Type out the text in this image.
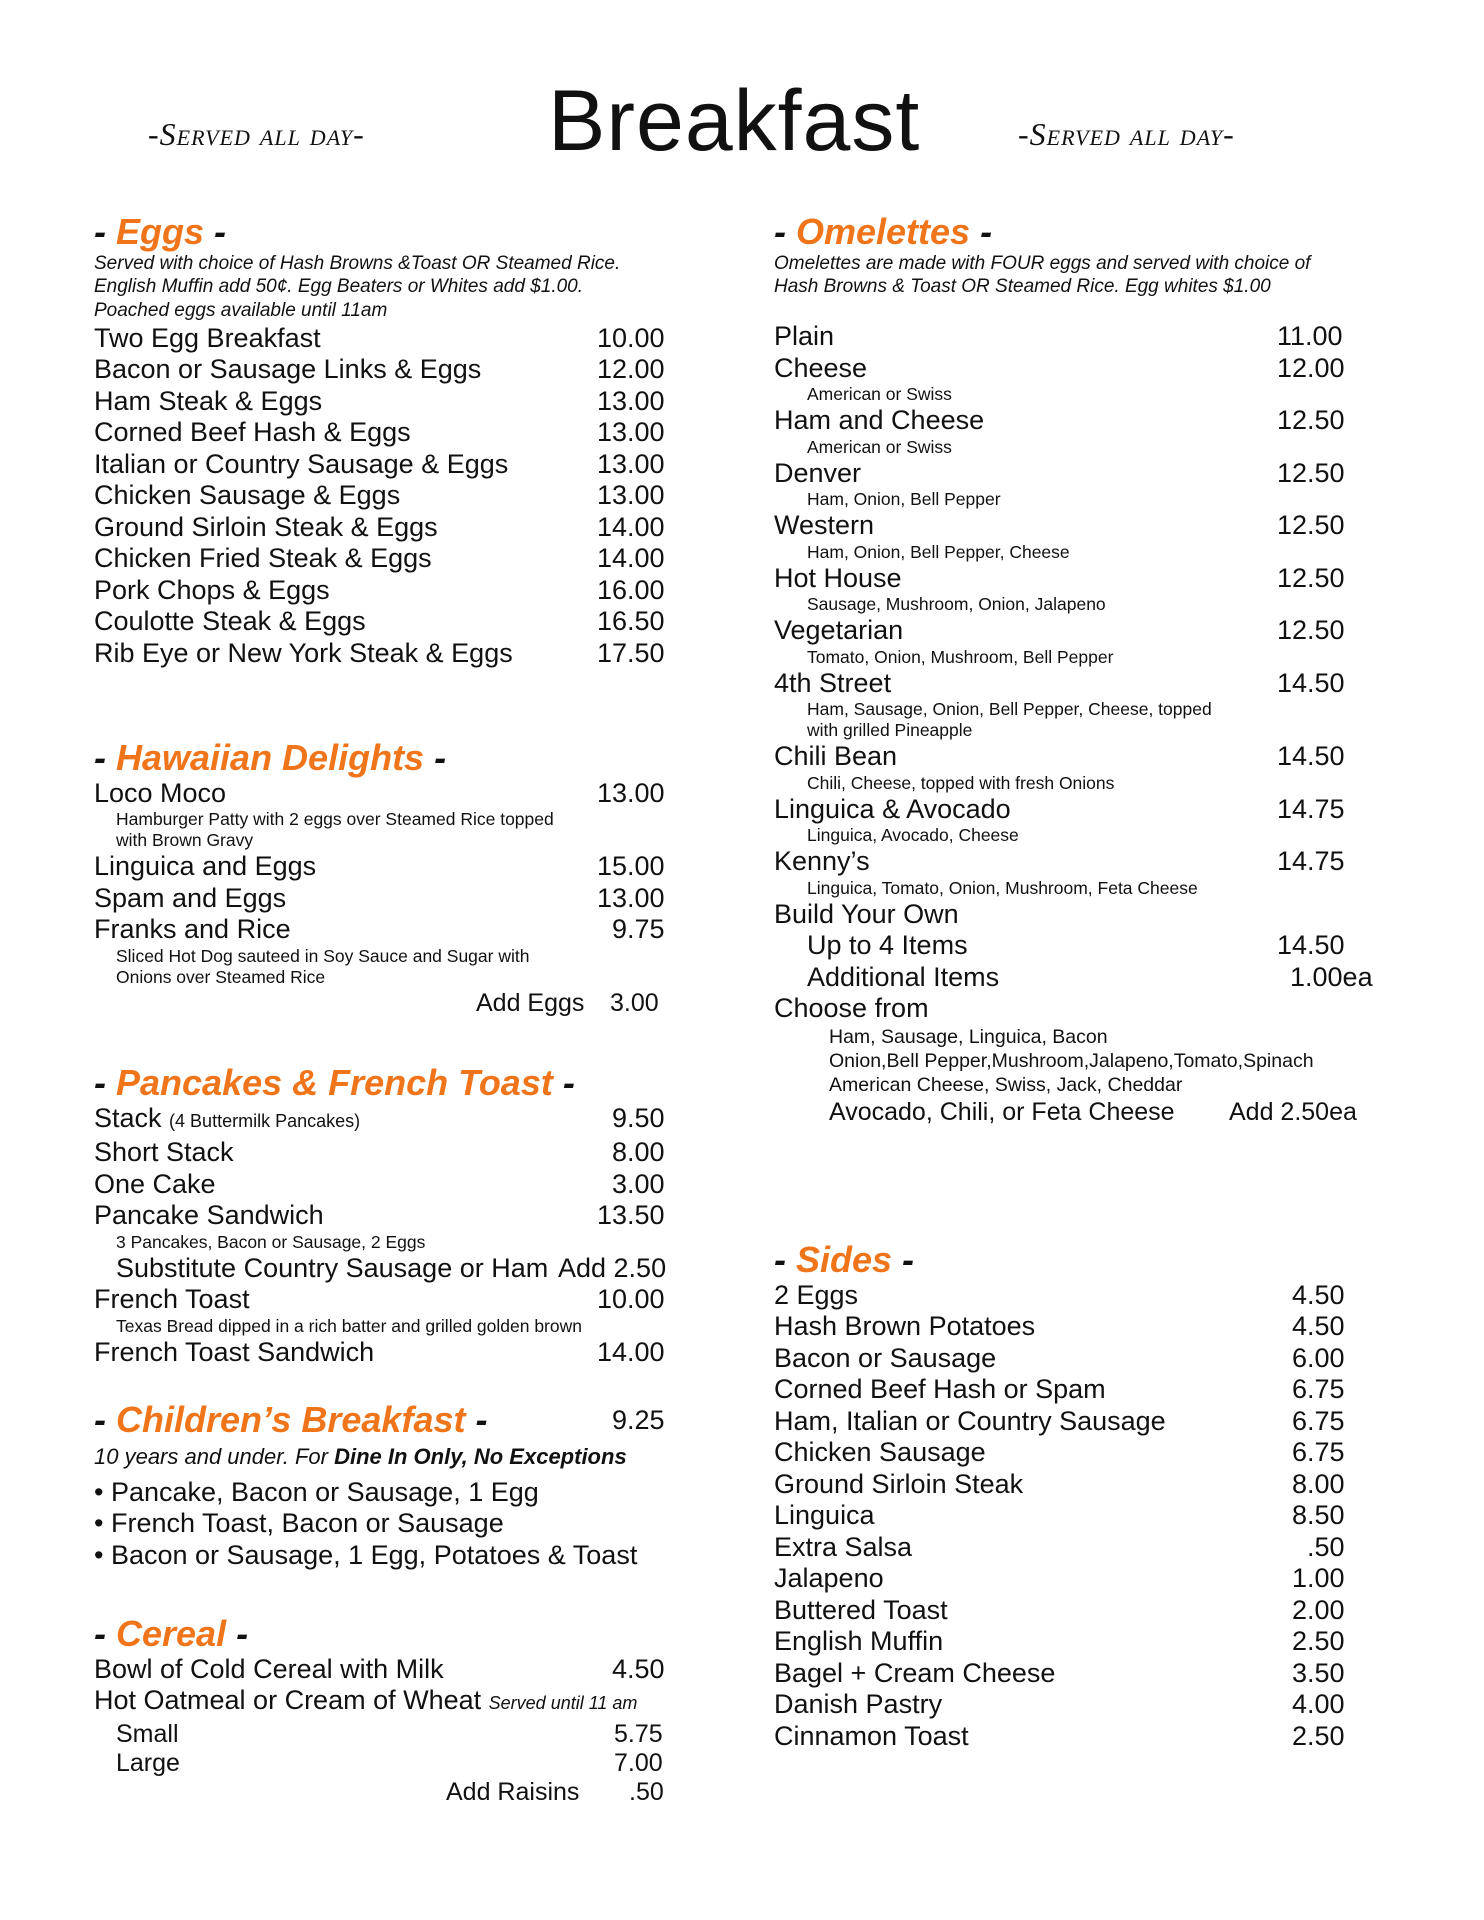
-Served all day- Breakfast	-Served all day-
- Eggs -
Served with choice of Hash Browns &Toast OR Steamed Rice.
English Muffin add 50¢. Egg Beaters or Whites add $1.00.
Poached eggs available until 11am
Two Egg Breakfast	10.00
Bacon or Sausage Links & Eggs	12.00
Ham Steak & Eggs	13.00
Corned Beef Hash & Eggs	13.00
Italian or Country Sausage & Eggs	13.00
Chicken Sausage & Eggs	13.00
Ground Sirloin Steak & Eggs	14.00
Chicken Fried Steak & Eggs	14.00
Pork Chops & Eggs	16.00
Coulotte Steak & Eggs	16.50
Rib Eye or New York Steak & Eggs	17.50
- Hawaiian Delights -
Loco Moco	13.00
Hamburger Patty with 2 eggs over Steamed Rice topped
with Brown Gravy
Linguica and Eggs	15.00
Spam and Eggs	13.00
Franks and Rice	9.75
Sliced Hot Dog sauteed in Soy Sauce and Sugar with
Onions over Steamed Rice
Add Eggs 3.00
- Pancakes & French Toast -
Stack (4 Buttermilk Pancakes)	9.50
Short Stack	8.00
One Cake	3.00
Pancake Sandwich	13.50
3 Pancakes, Bacon or Sausage, 2 Eggs
Substitute Country Sausage or Ham Add 2.50
French Toast	10.00
Texas Bread dipped in a rich batter and grilled golden brown
French Toast Sandwich	14.00
- Children’s Breakfast -	9.25
10 years and under. For Dine In Only, No Exceptions
• Pancake, Bacon or Sausage, 1 Egg
• French Toast, Bacon or Sausage
• Bacon or Sausage, 1 Egg, Potatoes & Toast
- Cereal -
Bowl of Cold Cereal with Milk	4.50
Hot Oatmeal or Cream of Wheat Served until 11 am
Small	5.75
Large	7.00
Add Raisins .50
- Omelettes -
Omelettes are made with FOUR eggs and served with choice of
Hash Browns & Toast OR Steamed Rice. Egg whites $1.00
Plain	11.00
Cheese	12.00
American or Swiss
Ham and Cheese	12.50
American or Swiss
Denver	12.50
Ham, Onion, Bell Pepper
Western	12.50
Ham, Onion, Bell Pepper, Cheese
Hot House	12.50
Sausage, Mushroom, Onion, Jalapeno
Vegetarian	12.50
Tomato, Onion, Mushroom, Bell Pepper
4th Street	14.50
Ham, Sausage, Onion, Bell Pepper, Cheese, topped
with grilled Pineapple
Chili Bean	14.50
Chili, Cheese, topped with fresh Onions
Linguica & Avocado	14.75
Linguica, Avocado, Cheese
Kenny’s	14.75
Linguica, Tomato, Onion, Mushroom, Feta Cheese
Build Your Own
Up to 4 Items	14.50
Additional Items	1.00ea
Choose from
Ham, Sausage, Linguica, Bacon
Onion,Bell Pepper,Mushroom,Jalapeno,Tomato,Spinach
American Cheese, Swiss, Jack, Cheddar
Avocado, Chili, or Feta Cheese Add 2.50ea
- Sides -
2 Eggs	4.50
Hash Brown Potatoes	4.50
Bacon or Sausage	6.00
Corned Beef Hash or Spam	6.75
Ham, Italian or Country Sausage	6.75
Chicken Sausage	6.75
Ground Sirloin Steak	8.00
Linguica	8.50
Extra Salsa	.50
Jalapeno	1.00
Buttered Toast	2.00
English Muffin	2.50
Bagel + Cream Cheese	3.50
Danish Pastry	4.00
Cinnamon Toast	2.50
